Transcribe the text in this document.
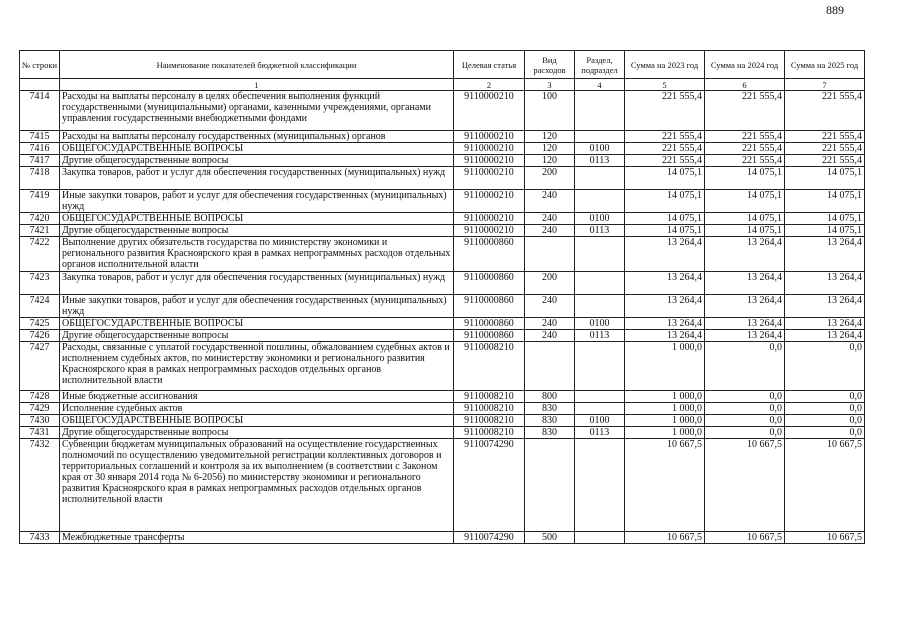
889
№ строки	Наименование показателей бюджетной классификации	Целевая статья	Вид расходов	Раздел, подраздел	Сумма на 2023 год	Сумма на 2024 год	Сумма на 2025 год
	1	2	3	4	5	6	7
7414	Расходы на выплаты персоналу в целях обеспечения выполнения функций государственными (муниципальными) органами, казенными учреждениями, органами управления государственными внебюджетными фондами	9110000210	100		221 555,4	221 555,4	221 555,4
7415	Расходы на выплаты персоналу государственных (муниципальных) органов	9110000210	120		221 555,4	221 555,4	221 555,4
7416	ОБЩЕГОСУДАРСТВЕННЫЕ ВОПРОСЫ	9110000210	120	0100	221 555,4	221 555,4	221 555,4
7417	Другие общегосударственные вопросы	9110000210	120	0113	221 555,4	221 555,4	221 555,4
7418	Закупка товаров, работ и услуг для обеспечения государственных (муниципальных) нужд	9110000210	200		14 075,1	14 075,1	14 075,1
7419	Иные закупки товаров, работ и услуг для обеспечения государственных (муниципальных) нужд	9110000210	240		14 075,1	14 075,1	14 075,1
7420	ОБЩЕГОСУДАРСТВЕННЫЕ ВОПРОСЫ	9110000210	240	0100	14 075,1	14 075,1	14 075,1
7421	Другие общегосударственные вопросы	9110000210	240	0113	14 075,1	14 075,1	14 075,1
7422	Выполнение других обязательств государства по министерству экономики и регионального развития Красноярского края в рамках непрограммных расходов отдельных органов исполнительной власти	9110000860			13 264,4	13 264,4	13 264,4
7423	Закупка товаров, работ и услуг для обеспечения государственных (муниципальных) нужд	9110000860	200		13 264,4	13 264,4	13 264,4
7424	Иные закупки товаров, работ и услуг для обеспечения государственных (муниципальных) нужд	9110000860	240		13 264,4	13 264,4	13 264,4
7425	ОБЩЕГОСУДАРСТВЕННЫЕ ВОПРОСЫ	9110000860	240	0100	13 264,4	13 264,4	13 264,4
7426	Другие общегосударственные вопросы	9110000860	240	0113	13 264,4	13 264,4	13 264,4
7427	Расходы, связанные с уплатой государственной пошлины, обжалованием судебных актов и исполнением судебных актов, по министерству экономики и регионального развития Красноярского края в рамках непрограммных расходов отдельных органов исполнительной власти	9110008210			1 000,0	0,0	0,0
7428	Иные бюджетные ассигнования	9110008210	800		1 000,0	0,0	0,0
7429	Исполнение судебных актов	9110008210	830		1 000,0	0,0	0,0
7430	ОБЩЕГОСУДАРСТВЕННЫЕ ВОПРОСЫ	9110008210	830	0100	1 000,0	0,0	0,0
7431	Другие общегосударственные вопросы	9110008210	830	0113	1 000,0	0,0	0,0
7432	Субвенции бюджетам муниципальных образований на осуществление государственных полномочий по осуществлению уведомительной регистрации коллективных договоров и территориальных соглашений и контроля за их выполнением (в соответствии с Законом края от 30 января 2014 года № 6-2056) по министерству экономики и регионального развития Красноярского края в рамках непрограммных расходов отдельных органов исполнительной власти	9110074290			10 667,5	10 667,5	10 667,5
7433	Межбюджетные трансферты	9110074290	500		10 667,5	10 667,5	10 667,5
